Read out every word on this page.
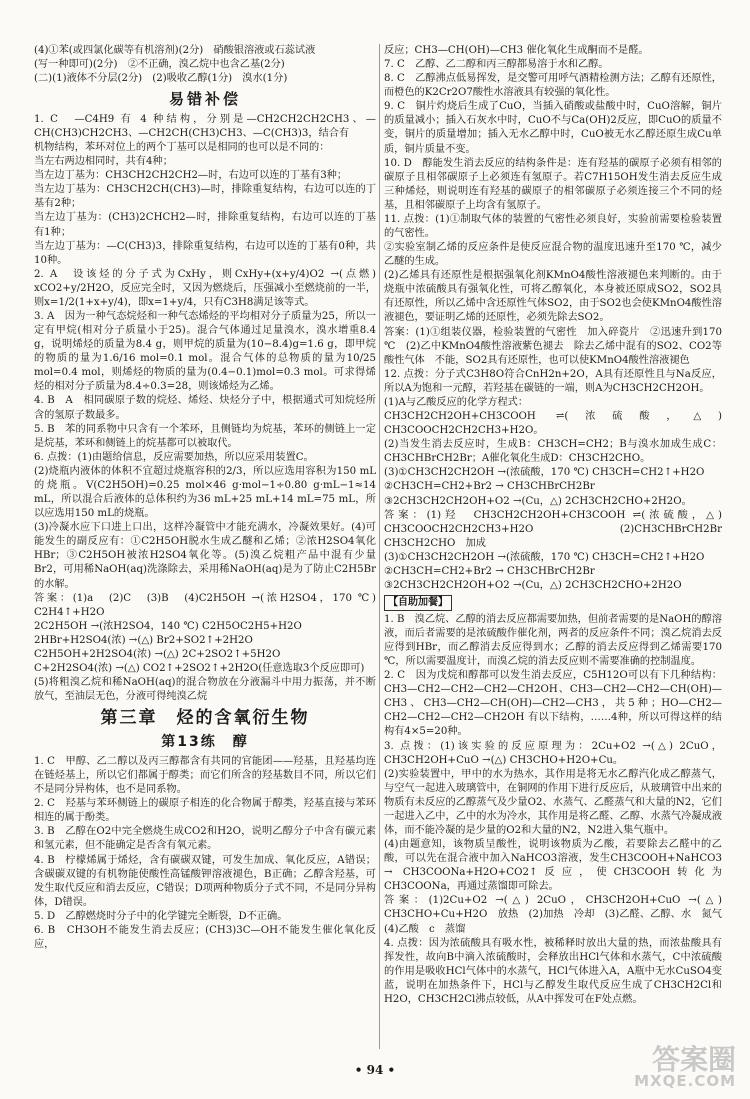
(4)①苯(或四氯化碳等有机溶剂)(2分)　硝酸银溶液或石蕊试液

(写一种即可)(2分)　②不正确，溴乙烷中也含乙基(2分)

(二)(1)液体不分层(2分)　(2)吸收乙醇(1分)　溴水(1分)

易错补偿

1. C　—C4H9 有 4 种结构，分别是—CH2CH2CH2CH3、—CH(CH3)CH2CH3、—CH2CH(CH3)CH3、—C(CH3)3，结合有

机物结构，苯环对位上的两个丁基可以是相同的也可以是不同的：

当左右两边相同时，共有4种；

当左边丁基为：CH3CH2CH2CH2—时，右边可以连的丁基有3种；

当左边丁基为：CH3CH2CH(CH3)—时，排除重复结构，右边可以连的丁基有2种；

当左边丁基为：(CH3)2CHCH2—时，排除重复结构，右边可以连的丁基有1种；

当左边丁基为：—C(CH3)3，排除重复结构，右边可以连的丁基有0种，共10种。

2. A　设该烃的分子式为CxHy，则CxHy+(x+y/4)O2 →(点燃) xCO2+y/2H2O，反应完全时，又因为燃烧后，压强减小至燃烧前的一半，则x=1/2(1+x+y/4)，即x=1+y/4，只有C3H8满足该等式。

3. A　因为一种气态烷烃和一种气态烯烃的平均相对分子质量为25，所以一定有甲烷(相对分子质量小于25)。混合气体通过足量溴水，溴水增重8.4 g，说明烯烃的质量为8.4 g，则甲烷的质量为(10−8.4)g=1.6 g，即甲烷的物质的量为1.6/16 mol=0.1 mol。混合气体的总物质的量为10/25 mol=0.4 mol，则烯烃的物质的量为(0.4−0.1)mol=0.3 mol。可求得烯烃的相对分子质量为8.4÷0.3=28，则该烯烃为乙烯。

4. B　A　相同碳原子数的烷烃、烯烃、炔烃分子中，根据通式可知烷烃所含的氢原子数最多。

5. B　苯的同系物中只含有一个苯环，且侧链均为烷基，苯环的侧链上一定是烷基，苯环和侧链上的烷基都可以被取代。

6. 点拨：(1)由题给信息，反应需要加热，所以应采用装置C。

(2)烧瓶内液体的体积不宜超过烧瓶容积的2/3，所以应选用容积为150 mL的烧瓶。V(C2H5OH)=0.25 mol×46 g·mol−1÷0.80 g·mL−1≈14 mL，所以混合后液体的总体积约为36 mL+25 mL+14 mL=75 mL，所以应选用150 mL的烧瓶。

(3)冷凝水应下口进上口出，这样冷凝管中才能充满水，冷凝效果好。(4)可能发生的副反应有：①C2H5OH脱水生成乙醚和乙烯；②浓H2SO4氧化HBr；③C2H5OH被浓H2SO4氧化等。(5)溴乙烷粗产品中混有少量Br2，可用稀NaOH(aq)洗涤除去，采用稀NaOH(aq)是为了防止C2H5Br的水解。

答案：(1)a　(2)C　(3)B　(4)C2H5OH →(浓H2SO4，170 ℃) C2H4↑+H2O

2C2H5OH →(浓H2SO4，140 ℃) C2H5OC2H5+H2O

2HBr+H2SO4(浓) →(△) Br2+SO2↑+2H2O

C2H5OH+2H2SO4(浓) →(△) 2C+2SO2↑+5H2O

C+2H2SO4(浓) →(△) CO2↑+2SO2↑+2H2O(任意选取3个反应即可)

(5)将粗溴乙烷和稀NaOH(aq)的混合物放在分液漏斗中用力振荡，并不断放气，至油层无色，分液可得纯溴乙烷

第三章　烃的含氧衍生物
第13练　醇

1. C　甲醇、乙二醇以及丙三醇都含有共同的官能团——羟基，且羟基均连在链烃基上，所以它们都属于醇类；而它们所含的羟基数目不同，所以它们不是同分异构体，也不是同系物。

2. C　羟基与苯环侧链上的碳原子相连的化合物属于醇类，羟基直接与苯环相连的属于酚类。

3. B　乙醇在O2中完全燃烧生成CO2和H2O，说明乙醇分子中含有碳元素和氢元素，但不能确定是否含有氧元素。

4. B　柠檬烯属于烯烃，含有碳碳双键，可发生加成、氧化反应，A错误；含碳碳双键的有机物能使酸性高锰酸钾溶液褪色，B正确；乙醇含羟基，可发生取代反应和消去反应，C错误；D项两种物质分子式不同，不是同分异构体，D错误。

5. D　乙醇燃烧时分子中的化学键完全断裂，D不正确。

6. B　CH3OH不能发生消去反应；(CH3)3C—OH不能发生催化氧化反应，

反应；CH3—CH(OH)—CH3 催化氧化生成酮而不是醛。

7. C　乙醇、乙二醇和丙三醇都易溶于水和乙醇。

8. C　乙醇沸点低易挥发，是交警可用呼气酒精检测方法；乙醇有还原性，而橙色的K2Cr2O7酸性水溶液具有较强的氧化性。

9. C　铜片灼烧后生成了CuO，当插入硝酸或盐酸中时，CuO溶解，铜片的质量减小；插入石灰水中时，CuO不与Ca(OH)2反应，即CuO的质量不变，铜片的质量增加；插入无水乙醇中时，CuO被无水乙醇还原生成Cu单质，铜片质量不变。

10. D　醇能发生消去反应的结构条件是：连有羟基的碳原子必须有相邻的碳原子且相邻碳原子上必须连有氢原子。若C7H15OH发生消去反应生成三种烯烃，则说明连有羟基的碳原子的相邻碳原子必须连接三个不同的烃基，且相邻碳原子上均含有氢原子。

11. 点拨：(1)①制取气体的装置的气密性必须良好，实验前需要检验装置的气密性。

②实验室制乙烯的反应条件是使反应混合物的温度迅速升至170 ℃，减少乙醚的生成。

(2)乙烯具有还原性是根据强氧化剂KMnO4酸性溶液褪色来判断的。由于烧瓶中浓硫酸具有强氧化性，可将乙醇氧化，本身被还原成SO2，SO2具有还原性，所以乙烯中含还原性气体SO2，由于SO2也会使KMnO4酸性溶液褪色，要证明乙烯的还原性，必须先除去SO2。

答案：(1)①组装仪器，检验装置的气密性　加入碎瓷片　②迅速升到170 ℃　(2)乙中KMnO4酸性溶液紫色褪去　除去乙烯中混有的SO2、CO2等酸性气体　不能，SO2具有还原性，也可以使KMnO4酸性溶液褪色

12. 点拨：分子式C3H8O符合CnH2n+2O，A具有还原性且与Na反应，所以A为饱和一元醇，若羟基在碳链的一端，则A为CH3CH2CH2OH。

(1)A与乙酸反应的化学方程式：

CH3CH2CH2OH+CH3COOH ⇌(浓硫酸，△) CH3COOCH2CH2CH3+H2O。

(2)当发生消去反应时，生成B：CH3CH=CH2；B与溴水加成生成C：CH3CHBrCH2Br；A催化氧化生成D：CH3CH2CHO。

(3)①CH3CH2CH2OH →(浓硫酸，170 ℃) CH3CH=CH2↑+H2O

②CH3CH=CH2+Br2 → CH3CHBrCH2Br

③2CH3CH2CH2OH+O2 →(Cu，△) 2CH3CH2CHO+2H2O。

答案：(1)羟　CH3CH2CH2OH+CH3COOH ⇌(浓硫酸，△) CH3COOCH2CH2CH3+H2O　(2)CH3CHBrCH2Br　CH3CH2CHO　加成

(3)①CH3CH2CH2OH →(浓硫酸，170 ℃) CH3CH=CH2↑+H2O

②CH3CH=CH2+Br2 → CH3CHBrCH2Br

③2CH3CH2CH2OH+O2 →(Cu，△) 2CH3CH2CHO+2H2O

【自助加餐】

1. B　溴乙烷、乙醇的消去反应都需要加热，但前者需要的是NaOH的醇溶液，而后者需要的是浓硫酸作催化剂，两者的反应条件不同；溴乙烷消去反应得到HBr，而乙醇消去反应得到水；乙醇的消去反应得到乙烯需要170 ℃，所以需要温度计，而溴乙烷的消去反应则不需要准确的控制温度。

2. C　因为戊烷和醇都可以发生消去反应，C5H12O可以有下几种结构：CH3—CH2—CH2—CH2—CH2OH、CH3—CH2—CH2—CH(OH)—CH3、CH3—CH2—CH(OH)—CH2—CH3，共5种；HO—CH2—CH2—CH2—CH2—CH2OH 有以下结构，……4种，所以可得这样的结构有4×5=20种。

3. 点拨：(1)该实验的反应原理为：2Cu+O2 →(△) 2CuO，CH3CH2OH+CuO →(△) CH3CHO+H2O+Cu。

(2)实验装置中，甲中的水为热水，其作用是将无水乙醇汽化成乙醇蒸气，与空气一起进入玻璃管中，在铜网的作用下进行反应后，从玻璃管中出来的物质有未反应的乙醇蒸气及少量O2、水蒸气、乙醛蒸气和大量的N2，它们一起进入乙中，乙中的水为冷水，其作用是将乙醛、乙醇、水蒸气冷凝成液体，而不能冷凝的是少量的O2和大量的N2，N2进入集气瓶中。

(4)由题意知，该物质呈酸性，说明该物质为乙酸，若要除去乙醛中的乙酸，可以先在混合液中加入NaHCO3溶液，发生CH3COOH+NaHCO3 → CH3COONa+H2O+CO2↑反应，使CH3COOH转化为CH3COONa，再通过蒸馏即可除去。

答案：(1)2Cu+O2 →(△) 2CuO，CH3CH2OH+CuO →(△) CH3CHO+Cu+H2O　放热　(2)加热　冷却　(3)乙醛、乙醇、水　氮气　(4)乙酸　c　蒸馏

4. 点拨：因为浓硫酸具有吸水性，被稀释时放出大量的热，而浓盐酸具有挥发性，故向B中滴入浓硫酸时，会释放出HCl气体和水蒸气，C中浓硫酸的作用是吸收HCl气体中的水蒸气，HCl气体进入A，A瓶中无水CuSO4变蓝，说明在加热条件下，HCl与乙醇发生取代反应生成了CH3CH2Cl和H2O，CH3CH2Cl沸点较低，从A中挥发可在F处点燃。

• 94 •	答案圈
MXQE.COM
